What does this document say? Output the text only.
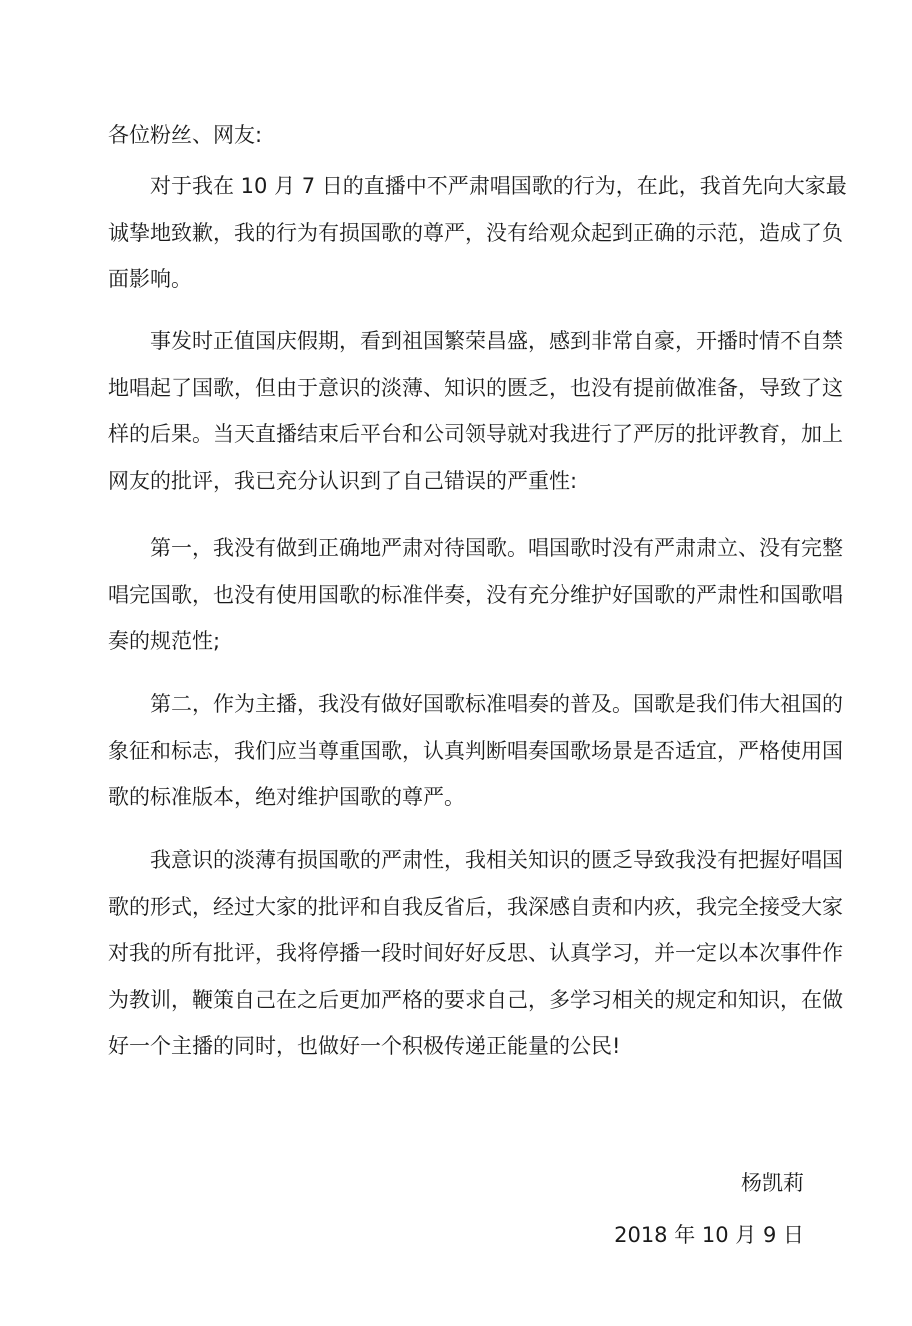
各位粉丝、网友:
对于我在 10 月 7 日的直播中不严肃唱国歌的行为，在此，我首先向大家最
诚挚地致歉，我的行为有损国歌的尊严，没有给观众起到正确的示范，造成了负
面影响。
事发时正值国庆假期，看到祖国繁荣昌盛，感到非常自豪，开播时情不自禁
地唱起了国歌，但由于意识的淡薄、知识的匮乏，也没有提前做准备，导致了这
样的后果。当天直播结束后平台和公司领导就对我进行了严厉的批评教育，加上
网友的批评，我已充分认识到了自己错误的严重性:
第一，我没有做到正确地严肃对待国歌。唱国歌时没有严肃肃立、没有完整
唱完国歌，也没有使用国歌的标准伴奏，没有充分维护好国歌的严肃性和国歌唱
奏的规范性;
第二，作为主播，我没有做好国歌标准唱奏的普及。国歌是我们伟大祖国的
象征和标志，我们应当尊重国歌，认真判断唱奏国歌场景是否适宜，严格使用国
歌的标准版本，绝对维护国歌的尊严。
我意识的淡薄有损国歌的严肃性，我相关知识的匮乏导致我没有把握好唱国
歌的形式，经过大家的批评和自我反省后，我深感自责和内疚，我完全接受大家
对我的所有批评，我将停播一段时间好好反思、认真学习，并一定以本次事件作
为教训，鞭策自己在之后更加严格的要求自己，多学习相关的规定和知识，在做
好一个主播的同时，也做好一个积极传递正能量的公民!
杨凯莉
2018 年 10 月 9 日
